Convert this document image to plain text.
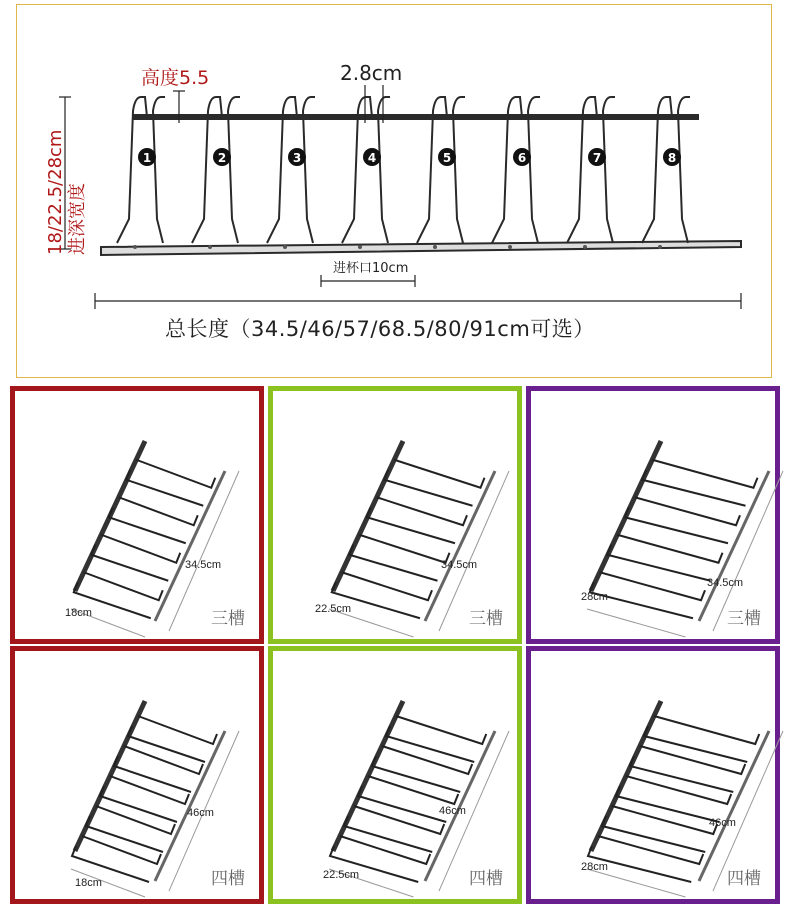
1	2	3	4	5	6	7	8
高度5.5
18/22.5/28cm 进深宽度
2.8cm
进杯口10cm
总长度（34.5/46/57/68.5/80/91cm可选）
34.5cm
18cm	三槽
34.5cm
22.5cm	三槽
34.5cm
28cm
三槽
46cm
18cm	四槽
46cm
22.5cm	四槽
46cm
28cm
四槽
